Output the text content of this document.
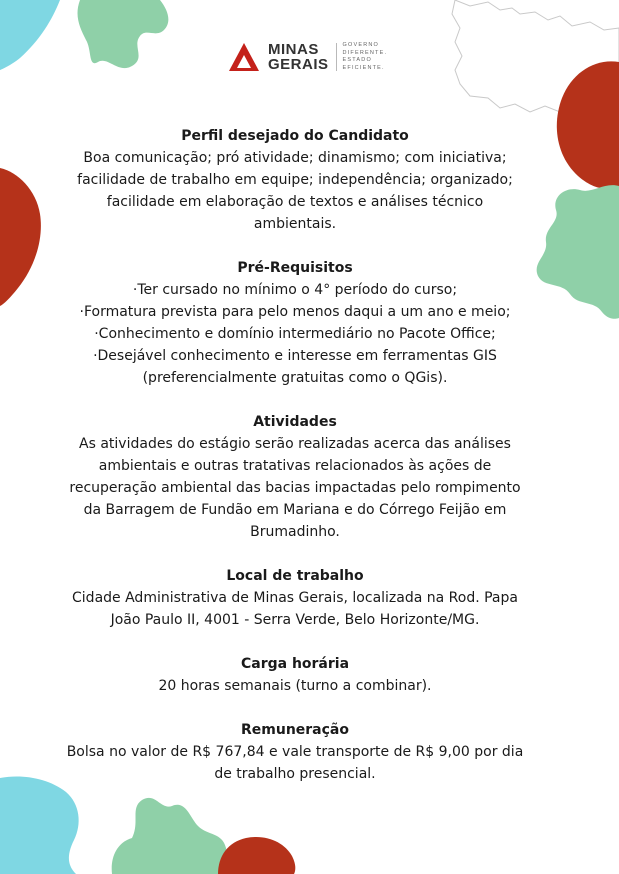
MINAS
GERAIS
GOVERNO
DIFERENTE.
ESTADO
EFICIENTE.
Perfil desejado do Candidato

Boa comunicação; pró atividade; dinamismo; com iniciativa;

facilidade de trabalho em equipe; independência; organizado;

facilidade em elaboração de textos e análises técnico

ambientais.

Pré-Requisitos

·Ter cursado no mínimo o 4° período do curso;

·Formatura prevista para pelo menos daqui a um ano e meio;

·Conhecimento e domínio intermediário no Pacote Office;

·Desejável conhecimento e interesse em ferramentas GIS

(preferencialmente gratuitas como o QGis).

Atividades

As atividades do estágio serão realizadas acerca das análises

ambientais e outras tratativas relacionados às ações de

recuperação ambiental das bacias impactadas pelo rompimento

da Barragem de Fundão em Mariana e do Córrego Feijão em

Brumadinho.

Local de trabalho

Cidade Administrativa de Minas Gerais, localizada na Rod. Papa

João Paulo II, 4001 - Serra Verde, Belo Horizonte/MG.

Carga horária

20 horas semanais (turno a combinar).

Remuneração

Bolsa no valor de R$ 767,84 e vale transporte de R$ 9,00 por dia

de trabalho presencial.
